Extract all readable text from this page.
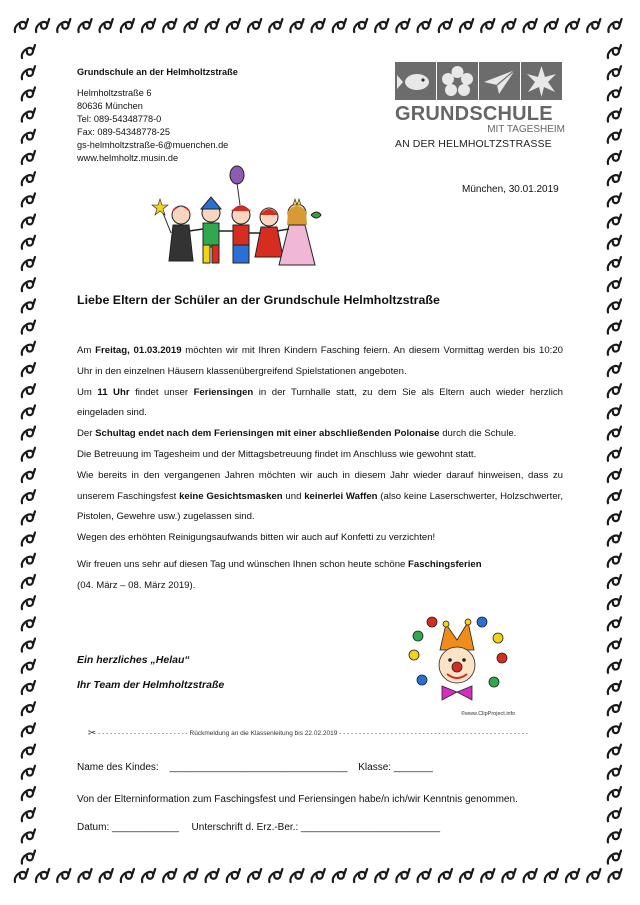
Grundschule an der Helmholtzstraße
Helmholtzstraße 6
80636 München
Tel: 089-54348778-0
Fax: 089-54348778-25
gs-helmholtzstraße-6@muenchen.de
www.helmholtz.musin.de
GRUNDSCHULE
MIT TAGESHEIM
AN DER HELMHOLTZSTRASSE
München, 30.01.2019
Liebe Eltern der Schüler an der Grundschule Helmholtzstraße

Am Freitag, 01.03.2019 möchten wir mit Ihren Kindern Fasching feiern. An diesem Vormittag werden bis 10:20 Uhr in den einzelnen Häusern klassenübergreifend Spielstationen angeboten.

Um 11 Uhr findet unser Feriensingen in der Turnhalle statt, zu dem Sie als Eltern auch wieder herzlich eingeladen sind.

Der Schultag endet nach dem Feriensingen mit einer abschließenden Polonaise durch die Schule.

Die Betreuung im Tagesheim und der Mittagsbetreuung findet im Anschluss wie gewohnt statt.

Wie bereits in den vergangenen Jahren möchten wir auch in diesem Jahr wieder darauf hinweisen, dass zu unserem Faschingsfest keine Gesichtsmasken und keinerlei Waffen (also keine Laserschwerter, Holzschwerter, Pistolen, Gewehre usw.) zugelassen sind.

Wegen des erhöhten Reinigungsaufwands bitten wir auch auf Konfetti zu verzichten!

Wir freuen uns sehr auf diesen Tag und wünschen Ihnen schon heute schöne Faschingsferien

(04. März – 08. März 2019).

Ein herzliches „Helau“
Ihr Team der Helmholtzstraße
©www.ClipProject.info
✂ - - - - - - - - - - - - - - - - - - - - - - - Rückmeldung an die Klassenleitung bis 22.02.2019 - - - - - - - - - - - - - - - - - - - - - - - - - - - - - - - - - - - - - - - - - - - - - - - -
Name des Kindes: ________________________________ Klasse: _______
Von der Elterninformation zum Faschingsfest und Feriensingen habe/n ich/wir Kenntnis genommen.
Datum: ____________ Unterschrift d. Erz.-Ber.: _________________________
